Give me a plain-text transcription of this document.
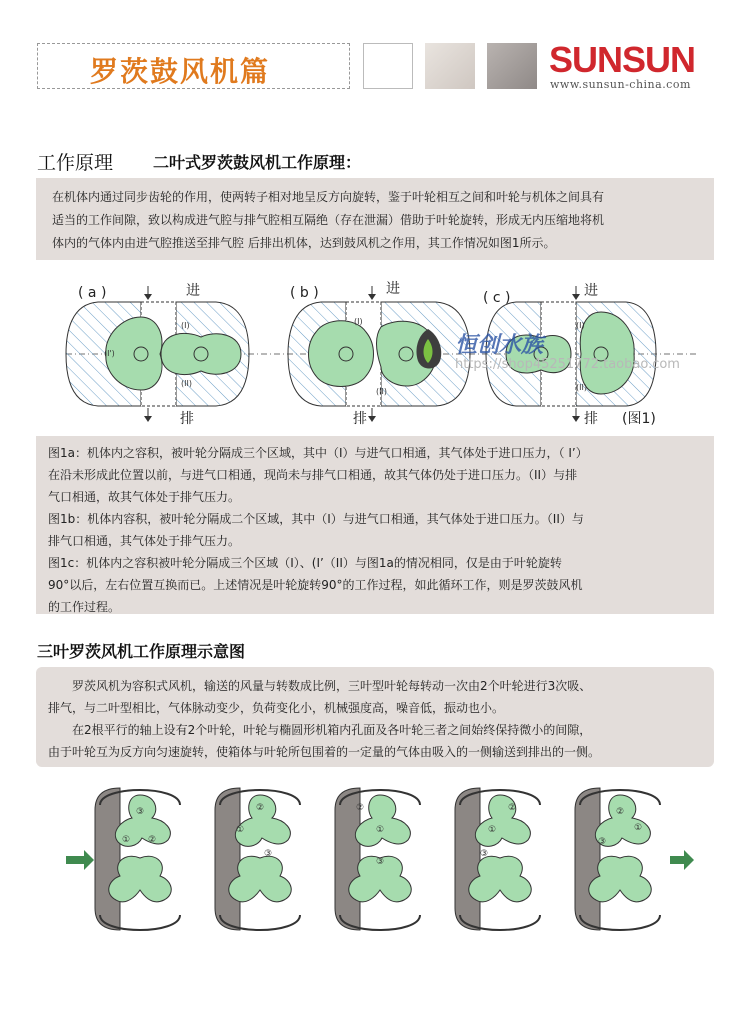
罗茨鼓风机篇	SUNSUN
www.sunsun-china.com
工作原理 二叶式罗茨鼓风机工作原理：
在机体内通过同步齿轮的作用，使两转子相对地呈反方向旋转，鉴于叶轮相互之间和叶轮与机体之间具有
适当的工作间隙，致以构成进气腔与排气腔相互隔绝（存在泄漏）借助于叶轮旋转，形成无内压缩地将机
体内的气体内由进气腔推送至排气腔 后排出机体，达到鼓风机之作用，其工作情况如图1所示。
(I)
(II)
(I')
(I)
(II)
(I)
(II)
( a )	( b )	( c )
进	进	进
排	排	排 (图1)
恒创水族
https://shop45251772.taobao.com
图1a：机体内之容积，被叶轮分隔成三个区域，其中（I）与进气口相通，其气体处于进口压力，（ I’）
在沿未形成此位置以前，与进气口相通，现尚未与排气口相通，故其气体仍处于进口压力。（II）与排
气口相通，故其气体处于排气压力。
图1b：机体内容积，被叶轮分隔成二个区域，其中（I）与进气口相通，其气体处于进口压力。（II）与
排气口相通，其气体处于排气压力。
图1c：机体内之容积被叶轮分隔成三个区域（I）、(I’（II）与图1a的情况相同，仅是由于叶轮旋转
90°以后，左右位置互换而已。上述情况是叶轮旋转90°的工作过程，如此循环工作，则是罗茨鼓风机
的工作过程。
三叶罗茨风机工作原理示意图
　　罗茨风机为容积式风机，输送的风量与转数成比例，三叶型叶轮每转动一次由2个叶轮进行3次吸、
排气，与二叶型相比，气体脉动变少，负荷变化小，机械强度高，噪音低，振动也小。
　　在2根平行的轴上设有2个叶轮，叶轮与椭圆形机箱内孔面及各叶轮三者之间始终保持微小的间隙，
由于叶轮互为反方向匀速旋转，使箱体与叶轮所包围着的一定量的气体由吸入的一侧输送到排出的一侧。
③
① ②
②
①
③
②
①
③
②
①
③
②
①
③
